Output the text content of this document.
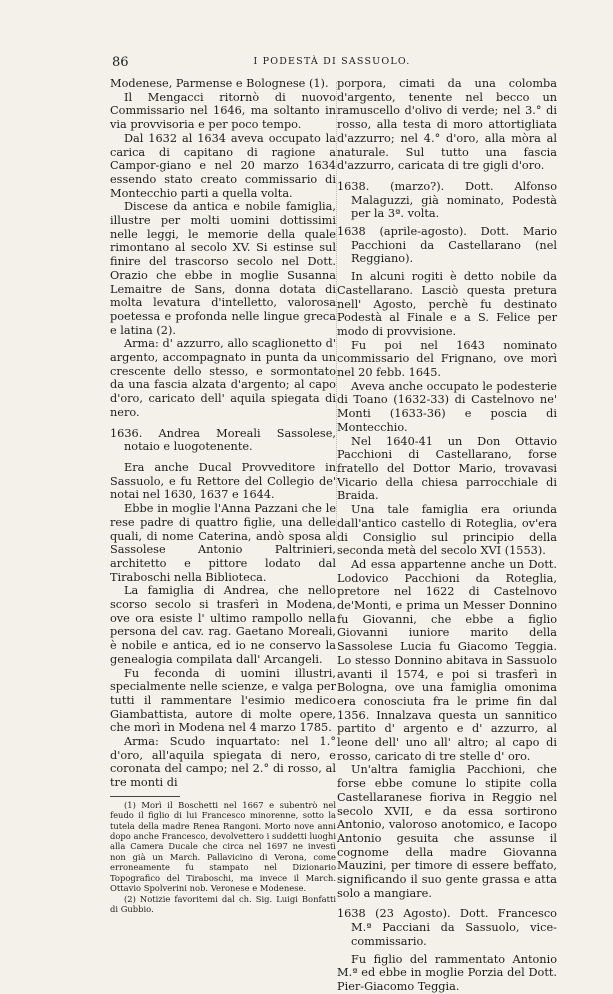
86	I PODESTÀ DI SASSUOLO.

Modenese, Parmense e Bolognese (1).

Il Mengacci ritornò di nuovo Commissario nel 1646, ma soltanto in via provvisoria e per poco tempo.

Dal 1632 al 1634 aveva occupato la carica di capitano di ragione a Campor-giano e nel 20 marzo 1634 essendo stato creato commissario di Montecchio parti a quella volta.

Discese da antica e nobile famiglia, illustre per molti uomini dottissimi nelle leggi, le memorie della quale rimontano al secolo XV. Si estinse sul finire del trascorso secolo nel Dott. Orazio che ebbe in moglie Susanna Lemaitre de Sans, donna dotata di molta levatura d'intelletto, valorosa poetessa e profonda nelle lingue greca e latina (2).

Arma: d' azzurro, allo scaglionetto d' argento, accompagnato in punta da un crescente dello stesso, e sormontato da una fascia alzata d'argento; al capo d'oro, caricato dell' aquila spiegata di nero.

1636. Andrea Moreali Sassolese, notaio e luogotenente.

Era anche Ducal Provveditore in Sassuolo, e fu Rettore del Collegio de' notai nel 1630, 1637 e 1644.

Ebbe in moglie l'Anna Pazzani che le rese padre di quattro figlie, una delle quali, di nome Caterina, andò sposa al Sassolese Antonio Paltrinieri, architetto e pittore lodato dal Tiraboschi nella Biblioteca.

La famiglia di Andrea, che nello scorso secolo si trasferì in Modena, ove ora esiste l' ultimo rampollo nella persona del cav. rag. Gaetano Moreali, è nobile e antica, ed io ne conservo la genealogia compilata dall' Arcangeli.

Fu feconda di uomini illustri, specialmente nelle scienze, e valga per tutti il rammentare l'esimio medico Giambattista, autore di molte opere, che morì in Modena nel 4 marzo 1785.

Arma: Scudo inquartato: nel 1.° d'oro, all'aquila spiegata di nero, e coronata del campo; nel 2.° di rosso, al tre monti di

(1) Morì il Boschetti nel 1667 e subentrò nel feudo il figlio di lui Francesco minorenne, sotto la tutela della madre Renea Rangoni. Morto nove anni dopo anche Francesco, devolvettero i suddetti luoghi alla Camera Ducale che circa nel 1697 ne investì non già un March. Pallavicino di Verona, come erroneamente fu stampato nel Dizionario Topografico del Tiraboschi, ma invece il March. Ottavio Spolverini nob. Veronese e Modenese.

(2) Notizie favoritemi dal ch. Sig. Luigi Bonfatti di Gubbio.

porpora, cimati da una colomba d'argento, tenente nel becco un ramuscello d'olivo di verde; nel 3.° di rosso, alla testa di moro attortigliata d'azzurro; nel 4.° d'oro, alla mòra al naturale. Sul tutto una fascia d'azzurro, caricata di tre gigli d'oro.

1638. (marzo?). Dott. Alfonso Malaguzzi, già nominato, Podestà per la 3ª. volta.

1638 (aprile-agosto). Dott. Mario Pacchioni da Castellarano (nel Reggiano).

In alcuni rogiti è detto nobile da Castellarano. Lasciò questa pretura nell' Agosto, perchè fu destinato Podestà al Finale e a S. Felice per modo di provvisione.

Fu poi nel 1643 nominato commissario del Frignano, ove morì nel 20 febb. 1645.

Aveva anche occupato le podesterie di Toano (1632-33) di Castelnovo ne' Monti (1633-36) e poscia di Montecchio.

Nel 1640-41 un Don Ottavio Pacchioni di Castellarano, forse fratello del Dottor Mario, trovavasi Vicario della chiesa parrocchiale di Braida.

Una tale famiglia era oriunda dall'antico castello di Roteglia, ov'era di Consiglio sul principio della seconda metà del secolo XVI (1553).

Ad essa appartenne anche un Dott. Lodovico Pacchioni da Roteglia, pretore nel 1622 di Castelnovo de'Monti, e prima un Messer Donnino fu Giovanni, che ebbe a figlio Giovanni iuniore marito della Sassolese Lucia fu Giacomo Teggia. Lo stesso Donnino abitava in Sassuolo avanti il 1574, e poi si trasferì in Bologna, ove una famiglia omonima era conosciuta fra le prime fin dal 1356. Innalzava questa un sannitico partito d' argento e d' azzurro, al leone dell' uno all' altro; al capo di rosso, caricato di tre stelle d' oro.

Un'altra famiglia Pacchioni, che forse ebbe comune lo stipite colla Castellaranese fioriva in Reggio nel secolo XVII, e da essa sortirono Antonio, valoroso anotomico, e Iacopo Antonio gesuita che assunse il cognome della madre Giovanna Mauzini, per timore di essere beffato, significando il suo gente grassa e atta solo a mangiare.

1638 (23 Agosto). Dott. Francesco M.ª Pacciani da Sassuolo, vice-commissario.

Fu figlio del rammentato Antonio M.ª ed ebbe in moglie Porzia del Dott. Pier-Giacomo Teggia.
